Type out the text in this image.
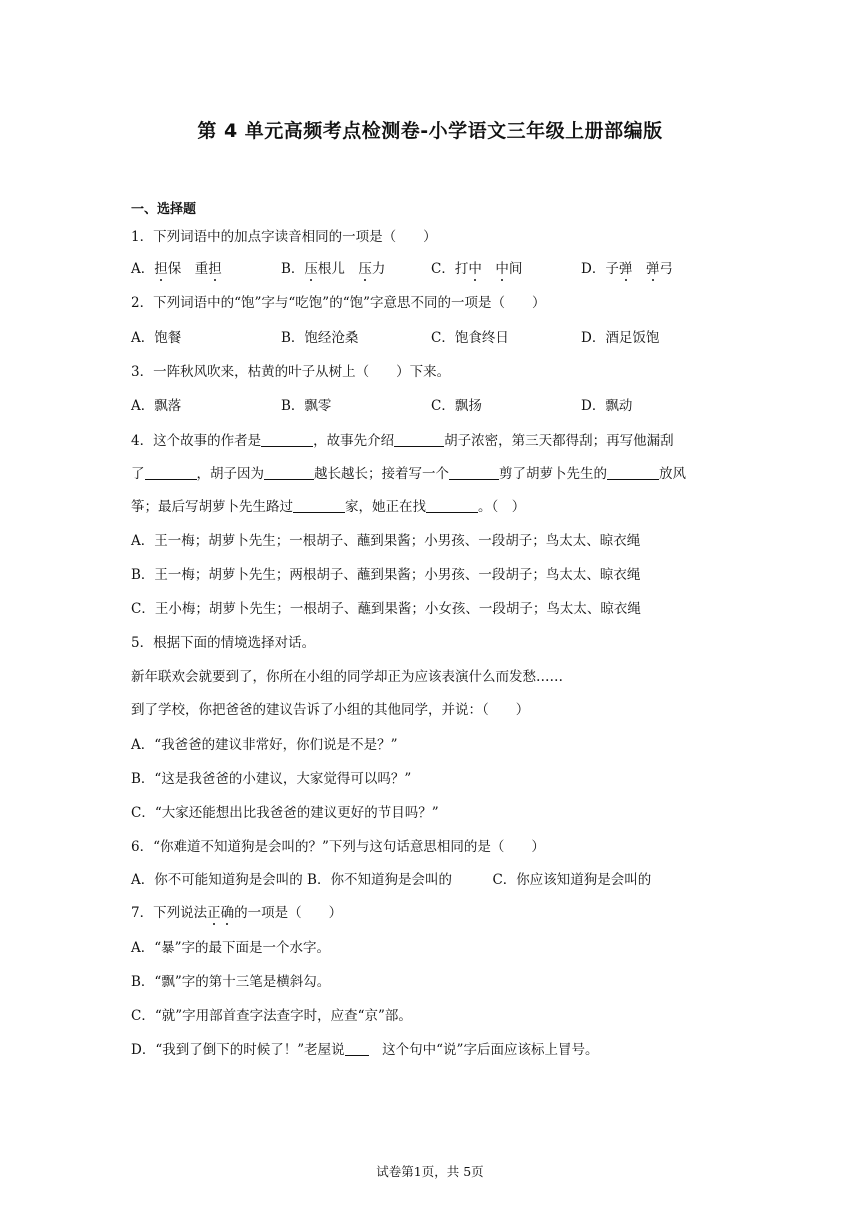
第 4 单元高频考点检测卷-小学语文三年级上册部编版
一、选择题
1．下列词语中的加点字读音相同的一项是（　　）
A．担保　重担	B．压根儿　压力	C．打中　 中间	D．子弹　 弹弓
2．下列词语中的“饱”字与“吃饱”的“饱”字意思不同的一项是（　　）
A．饱餐	B．饱经沧桑	C．饱食终日	D．酒足饭饱
3．一阵秋风吹来，枯黄的叶子从树上（　　）下来。
A．飘落	B．飘零	C．飘扬	D．飘动
4．这个故事的作者是	，故事先介绍	胡子浓密，第三天都得刮；再写他漏刮
了	，胡子因为	越长越长；接着写一个	剪了胡萝卜先生的	放风
筝；最后写胡萝卜先生路过	家，她正在找	。（　）
A．王一梅；胡萝卜先生；一根胡子、蘸到果酱；小男孩、一段胡子；鸟太太、晾衣绳
B．王一梅；胡萝卜先生；两根胡子、蘸到果酱；小男孩、一段胡子；鸟太太、晾衣绳
C．王小梅；胡萝卜先生；一根胡子、蘸到果酱；小女孩、一段胡子；鸟太太、晾衣绳
5．根据下面的情境选择对话。
新年联欢会就要到了，你所在小组的同学却正为应该表演什么而发愁……
到了学校，你把爸爸的建议告诉了小组的其他同学，并说：（　　）
A．“我爸爸的建议非常好，你们说是不是？”
B．“这是我爸爸的小建议，大家觉得可以吗？”
C．“大家还能想出比我爸爸的建议更好的节目吗？”
6．“你难道不知道狗是会叫的？”下列与这句话意思相同的是（　　）
A．你不可能知道狗是会叫的 B．你不知道狗是会叫的　　　C．你应该知道狗是会叫的
7．下列说法正确的一项是（　　）
A．“暴”字的最下面是一个水字。
B．“飘”字的第十三笔是横斜勾。
C．“就”字用部首查字法查字时，应查“京”部。
D．“我到了倒下的时候了！”老屋说　这个句中“说”字后面应该标上冒号。
试卷第1页，共 5页
